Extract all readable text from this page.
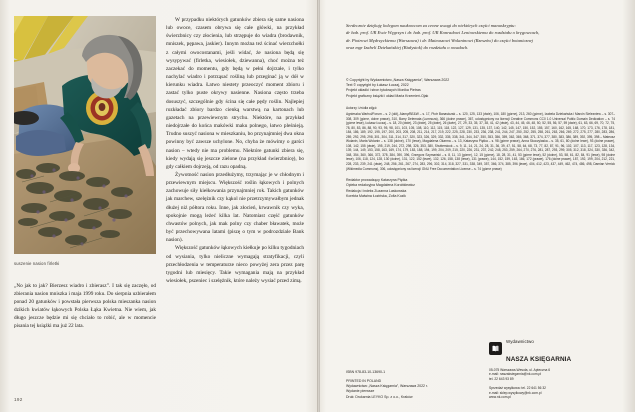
suszenie nasion firletki
„No jak to jak? Bierzesz wiadro i zbierasz”. I tak się zaczęło, od zbierania nasion mniszka i maja 1999 roku. Do sierpnia uzbierałem ponad 20 gatunków i powstała pierwsza polska mieszanka nasion dzikich kwiatów łąkowych Polska Łąka Kwietna. Nie wiem, jak długo jeszcze będzie mi się chciało to robić, ale w momencie pisania tej książki ma już 22 lata.

W przypadku niektórych gatunków zbiera się same nasiona lub owoce, czasem obrywa się całe główki, na przykład świerzbnicy czy złocienia, lub strzępuje do wiadra (brodawnik, mniszek, pępawa, jaskier). Innym można też ścinać wierzchołki z całymi owocostanami, jeśli widać, że nasiona będą się wysypywać (firletka, wiesiołek, dziewanna), choć można też zaczekać do momentu, gdy będą w pełni dojrzałe, i tylko nachylać wiadro i potrząsać rośliną lub przeginać ją w dół w kierunku wiadra. Łatwo niestety przeoczyć moment zbioru i zastać tylko puste okrywy nasienne. Nasiona często trzeba dosuszyć, szczególnie gdy ścina się całe pędy roślin. Najlepiej rozkładać zbiory bardzo cienką warstwą na kartonach lub gazetach na przewiewnym strychu. Niektóre, na przykład niedojrzałe do końca makówki maku polnego, łatwo pleśnieją. Trudno suszyć nasiona w mieszkaniu, bo przynajmniej dwa okna powinny być zawsze uchylone. No, chyba że mówimy o garści nasion – wtedy nie ma problemu. Niektóre gatunki zbiera się, kiedy wydają się jeszcze zielone (na przykład świerzbnicę), bo gdy całkiem dojrzeją, od razu opadną.

Żywotność nasion przedłużymy, trzymając je w chłodnym i przewiewnym miejscu. Większość roślin łąkowych i polnych zachowuje siły kiełkowania przynajmniej rok. Takich gatunków jak marchew, szelężnik czy kąkol nie przetrzymywałbym jednak dłużej niż półtora roku. Inne, jak złocień, krwawnik czy wyka, spokojnie mogą leżeć kilka lat. Natomiast część gatunków chwastów polnych, jak mak polny czy chaber bławatek, może być przechowywana latami (piszę o tym w podrozdziale Bank nasion).

Większość gatunków łąkowych kiełkuje po kilku tygodniach od wysiania, tylko nieliczne wymagają stratyfikacji, czyli przechłodzenia w temperaturze nieco powyżej zera przez parę tygodni lub miesięcy. Takie wymagania mają na przykład wiesiołek, pszeniec i szelężnik, które należy wysiać przed zimą.

192
Serdecznie dziękuję kolegom naukowcom za cenne uwagi do niektórych części manuskryptu:
dr hab. prof. UR Ewie Węgrzyn i dr. hab. prof. UR Konradowi Leniowskiemu do rozdziału o kręgowcach,
dr. Piotrowi Mędrzyckiemu (Warszawa) i dr. Mateuszowi Wolaninowi (Rzeszów) do części botanicznej
oraz mgr Izabeli Dziekańskiej (Białystok) do rozdziału o owadach.
© Copyright by Wydawnictwo „Nasza Księgarnia”, Warszawa 2022
Text © copyright by Łukasz Łuczaj, 2022
Projekt okładki i stron tytułowych Monika Pietras
Projekt graficzny książki i okład Maria Krzemień-Ojak
Autorzy i źródła zdjęć:
Agnieszka Warhol/Forum – s. 2 (dół), Alamy/BE&W – s. 17, Piotr Banasiczak – s. 120, 125, 133 (dwie), 106, 180 (górne), 213, 260 (górne), Izabela Dziekańska i Marcin Sielezniew – s. 307–308, 309 (górne, dolne prawe), 310, Barry Delemata (Lumnoza), 366 (dolne prawe), 367, udostępniony na licencji Creative Commons CC0 1.0 Universal Public Domain Dedication – s. 74 (górne lewe), Łukasz Łuczaj – s. 18, 20 (dwie), 23 (dwie), 25 (dwie), 26 (dwie), 27, 29, 33, 35, 37, 38, 41, 42 (dwie), 43, 44, 45, 46, 48, 50, 52, 55, 56, 57, 59 (dwie), 61, 63, 66, 69, 70, 72, 75, 78, 80, 83, 86, 88, 90, 93, 95, 98, 101, 103, 105, 108, 110, 112, 115, 118, 122, 127, 129, 131, 135, 137, 140, 142, 145, 147, 150, 152, 155, 157, 160, 162, 165, 168, 170, 173, 176, 178, 181, 184, 186, 189, 192, 195, 197, 200, 203, 205, 208, 211, 214, 217, 219, 222, 225, 228, 230, 233, 236, 238, 241, 244, 247, 250, 252, 255, 258, 261, 263, 266, 269, 272, 275, 277, 280, 283, 286, 289, 292, 295, 298, 301, 304, 311, 314, 317, 320, 323, 326, 329, 332, 335, 338, 341, 344, 347, 350, 353, 356, 359, 362, 365, 368, 371, 374, 377, 380, 383, 386, 389, 392, 395, 398 – Mateusz Wolanin, Marta Wolanin – s. 138 (dolne), 170 (lewe), Magdalena Okarma – s. 13, Katarzyna Piętka – s. 98 (górne prawe), Anna Skoczylaska – s. 35, 61, 80 (dolne lewe), 93 (dolne prawe), 108, 142, 155 (dwie), 195, 219, 244, 272, 298, 326, 353, 380, Shutterstock – s. 9, 11, 14, 21, 24, 28, 31, 36, 39, 47, 51, 58, 64, 68, 73, 77, 82, 87, 91, 96, 102, 107, 113, 117, 123, 128, 134, 139, 144, 149, 153, 158, 163, 169, 174, 179, 183, 188, 194, 199, 204, 209, 215, 220, 226, 231, 237, 242, 248, 253, 259, 264, 270, 276, 281, 287, 293, 299, 305, 312, 318, 324, 330, 336, 342, 348, 354, 360, 366, 372, 378, 384, 390, 396, Grzegorz Szymański – s. 8, 11, 13 (górne), 12, 15 (górne), 18, 28, 31, 41, 53 (górne lewe), 52 (dolne), 53, 58, 61, 82, 84, 91 (lewe), 98 (dolne lewe), 106, 118, 124, 128, 130 (dolne), 131, 122, 152 (lewe), 132, 126, 158, 138 (lewe), 131 (prawe), 144, 152, 159, 163, 166, 172 (prawe), 176 (dolne prawe), 187, 192, 199, 204, 212, 221, 228, 233, 239, 241 (dwie), 248, 256, 261, 267, 274, 283, 296, 302, 314, 318, 327, 331, 338, 349, 357, 366, 374, 385, 396 (lewe), 404, 412, 423, 437, 449, 462, 474, 486, 498, Damian Verrick (Wikimedia Commons), 306, udostępniony na licencji GNU Free Documentation License – s. 74 (górne prawe)
Redaktor prowadzący Katarzyna Piętka
Opieka redakcyjna Magdalena Korobkiewicz
Redakcja i indeks Zuzanna Laskowska
Korekta Malwina Łozińska, Zofia Kozik
ISBN 978-83-10-13690-1
PRINTED IN POLAND
Wydawnictwo „Nasza Księgarnia”, Warszawa 2022 r.
Wydanie pierwsze
Druk: Drukarnia LEYKO Sp. z o.o., Kraków
Wydawnictwo
NASZA KSIĘGARNIA
05-075 Warszawa-Wesoła, ul. Apteczna 6
e-mail: naszaksiegarnia@nk.com.pl
tel. 22 643 93 89
Sprzedaż wysyłkowa: tel. 22 641 56 32
e-mail: sklep.wysylkowy@nk.com.pl
www.nk.com.pl
